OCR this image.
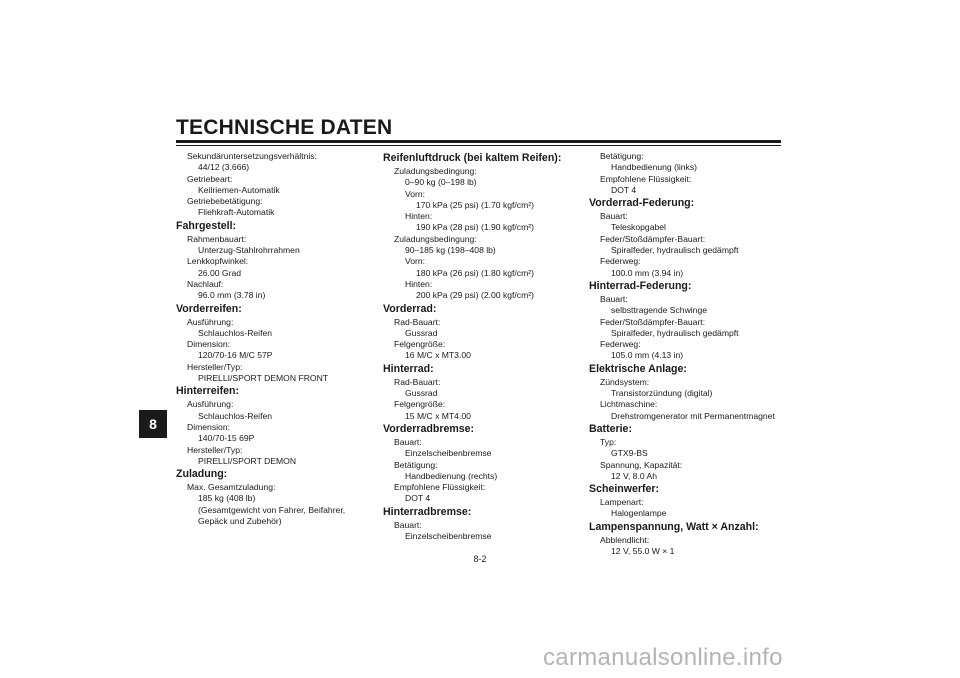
TECHNISCHE DATEN
8
Sekundäruntersetzungsverhältnis:
44/12 (3.666)
Getriebeart:
Keilriemen-Automatik
Getriebebetätigung:
Fliehkraft-Automatik
Fahrgestell:
Rahmenbauart:
Unterzug-Stahlrohrrahmen
Lenkkopfwinkel:
26.00 Grad
Nachlauf:
96.0 mm (3.78 in)
Vorderreifen:
Ausführung:
Schlauchlos-Reifen
Dimension:
120/70-16 M/C 57P
Hersteller/Typ:
PIRELLI/SPORT DEMON FRONT
Hinterreifen:
Ausführung:
Schlauchlos-Reifen
Dimension:
140/70-15 69P
Hersteller/Typ:
PIRELLI/SPORT DEMON
Zuladung:
Max. Gesamtzuladung:
185 kg (408 lb)
(Gesamtgewicht von Fahrer, Beifahrer,
Gepäck und Zubehör)
Reifenluftdruck (bei kaltem Reifen):
Zuladungsbedingung:
0–90 kg (0–198 lb)
Vorn:
170 kPa (25 psi) (1.70 kgf/cm²)
Hinten:
190 kPa (28 psi) (1.90 kgf/cm²)
Zuladungsbedingung:
90–185 kg (198–408 lb)
Vorn:
180 kPa (26 psi) (1.80 kgf/cm²)
Hinten:
200 kPa (29 psi) (2.00 kgf/cm²)
Vorderrad:
Rad-Bauart:
Gussrad
Felgengröße:
16 M/C x MT3.00
Hinterrad:
Rad-Bauart:
Gussrad
Felgengröße:
15 M/C x MT4.00
Vorderradbremse:
Bauart:
Einzelscheibenbremse
Betätigung:
Handbedienung (rechts)
Empfohlene Flüssigkeit:
DOT 4
Hinterradbremse:
Bauart:
Einzelscheibenbremse
Betätigung:
Handbedienung (links)
Empfohlene Flüssigkeit:
DOT 4
Vorderrad-Federung:
Bauart:
Teleskopgabel
Feder/Stoßdämpfer-Bauart:
Spiralfeder, hydraulisch gedämpft
Federweg:
100.0 mm (3.94 in)
Hinterrad-Federung:
Bauart:
selbsttragende Schwinge
Feder/Stoßdämpfer-Bauart:
Spiralfeder, hydraulisch gedämpft
Federweg:
105.0 mm (4.13 in)
Elektrische Anlage:
Zündsystem:
Transistorzündung (digital)
Lichtmaschine:
Drehstromgenerator mit Permanentmagnet
Batterie:
Typ:
GTX9-BS
Spannung, Kapazität:
12 V, 8.0 Ah
Scheinwerfer:
Lampenart:
Halogenlampe
Lampenspannung, Watt × Anzahl:
Abblendlicht:
12 V, 55.0 W × 1
8-2
carmanualsonline.info
